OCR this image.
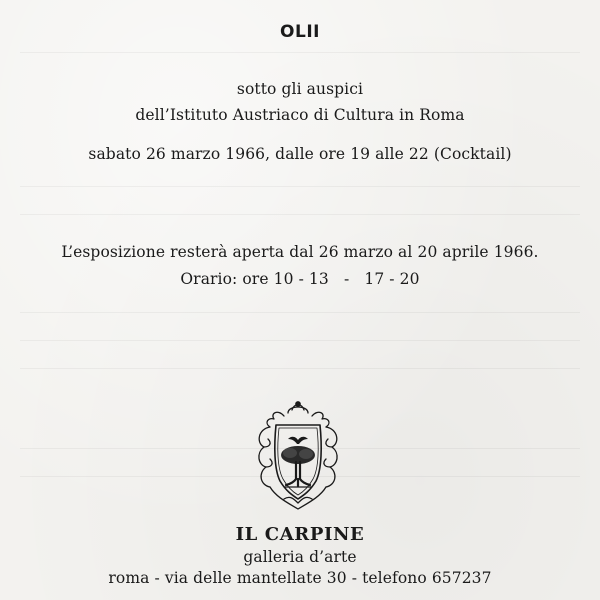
OLII
sotto gli auspici
dell’Istituto Austriaco di Cultura in Roma
sabato 26 marzo 1966, dalle ore 19 alle 22 (Cocktail)
L’esposizione resterà aperta dal 26 marzo al 20 aprile 1966.
Orario: ore 10 - 13   -   17 - 20
IL CARPINE
galleria d’arte
roma - via delle mantellate 30 - telefono 657237
